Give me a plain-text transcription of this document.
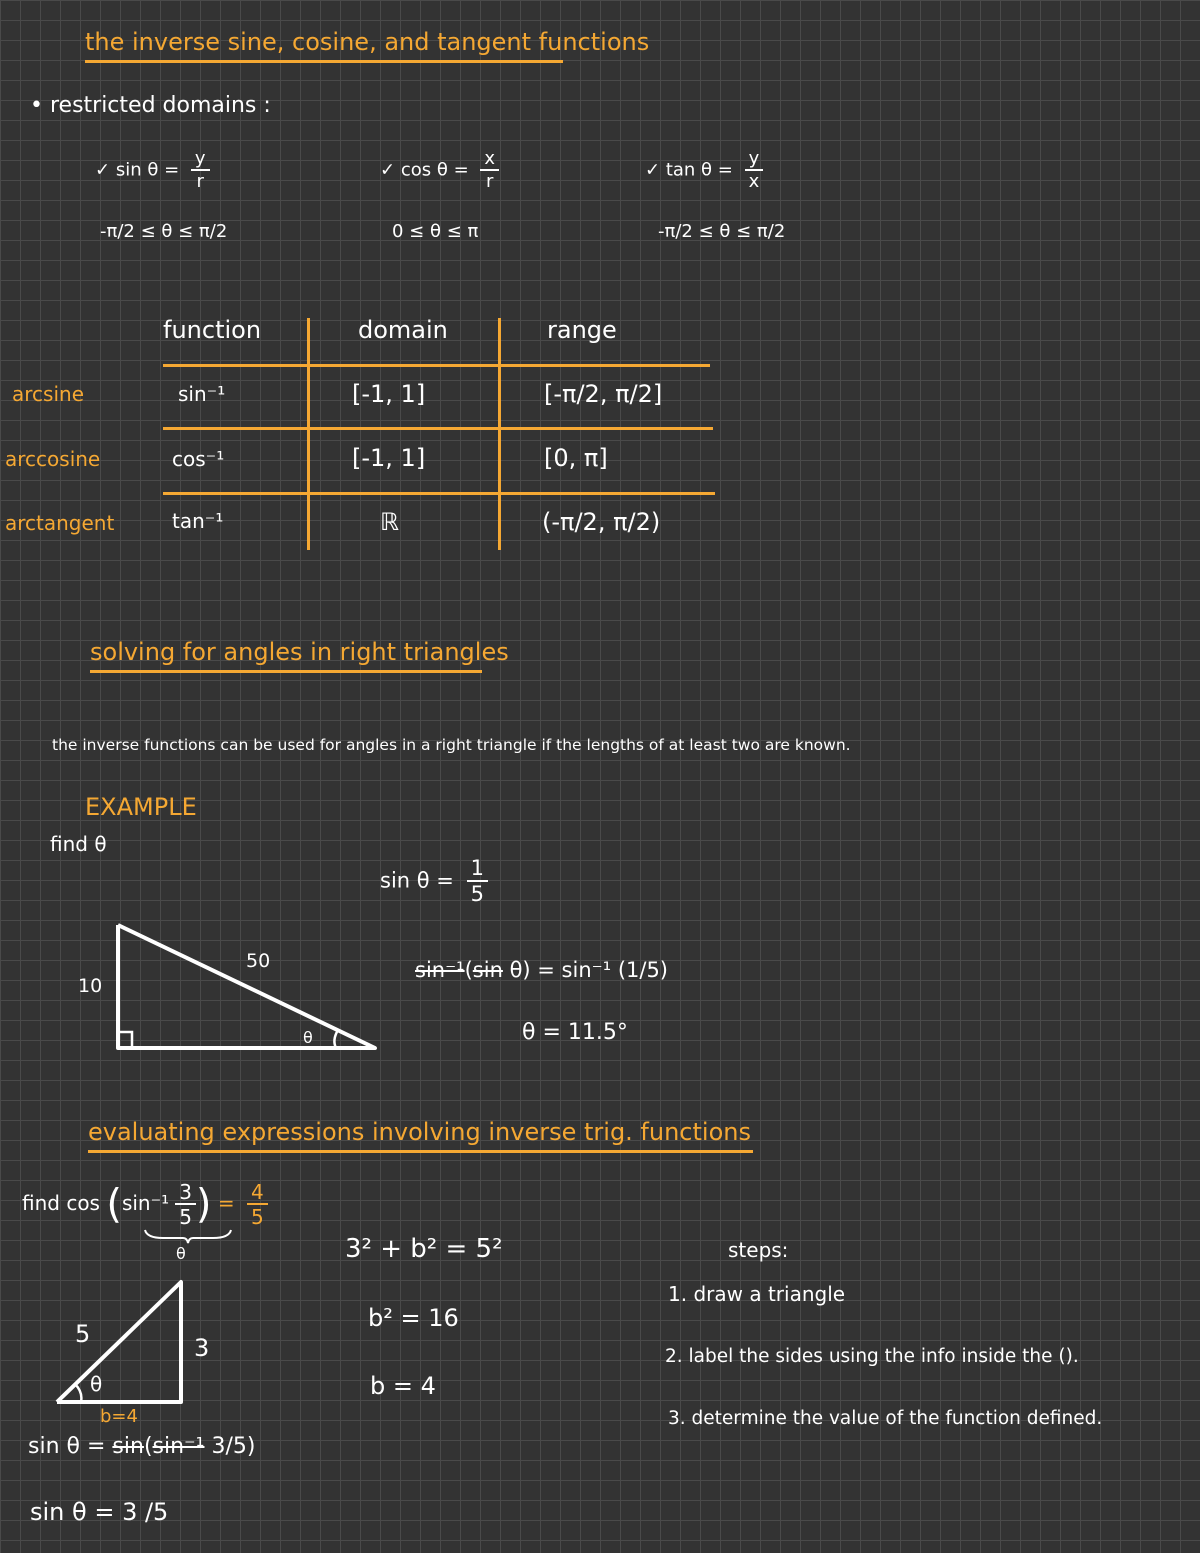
the inverse sine, cosine, and tangent functions
• restricted domains :
✓ $\sin \theta = \frac{y}{r}$
-π/2 ≤ θ ≤ π/2
✓ $\cos \theta = \frac{x}{r}$
0 ≤ θ ≤ π
✓ $\tan \theta = \frac{y}{x}$
-π/2 ≤ θ ≤ π/2
function	domain	range
arcsine	sin⁻¹	[-1, 1]	[-π/2, π/2]
arccosine	cos⁻¹	[-1, 1]	[0, π]
arctangent	tan⁻¹	ℝ	(-π/2, π/2)
solving for angles in right triangles
the inverse functions can be used for angles in a right triangle if the lengths of at least two are known.
EXAMPLE
find θ
10
50
θ
$\sin \theta = \frac{1}{5}$
sin⁻¹(sin θ) = sin⁻¹ (1/5)
θ = 11.5°
evaluating expressions involving inverse trig. functions
find $\cos (\sin^{-1} \frac{3}{5}$ ) = $\frac{4}{5}$
θ
5	3
θ
b=4
sin θ = sin(sin⁻¹ 3/5)
sin θ = 3 /5
3² + b² = 5²
b² = 16
b = 4
steps:
1. draw a triangle
2. label the sides using the info inside the ().
3. determine the value of the function defined.
